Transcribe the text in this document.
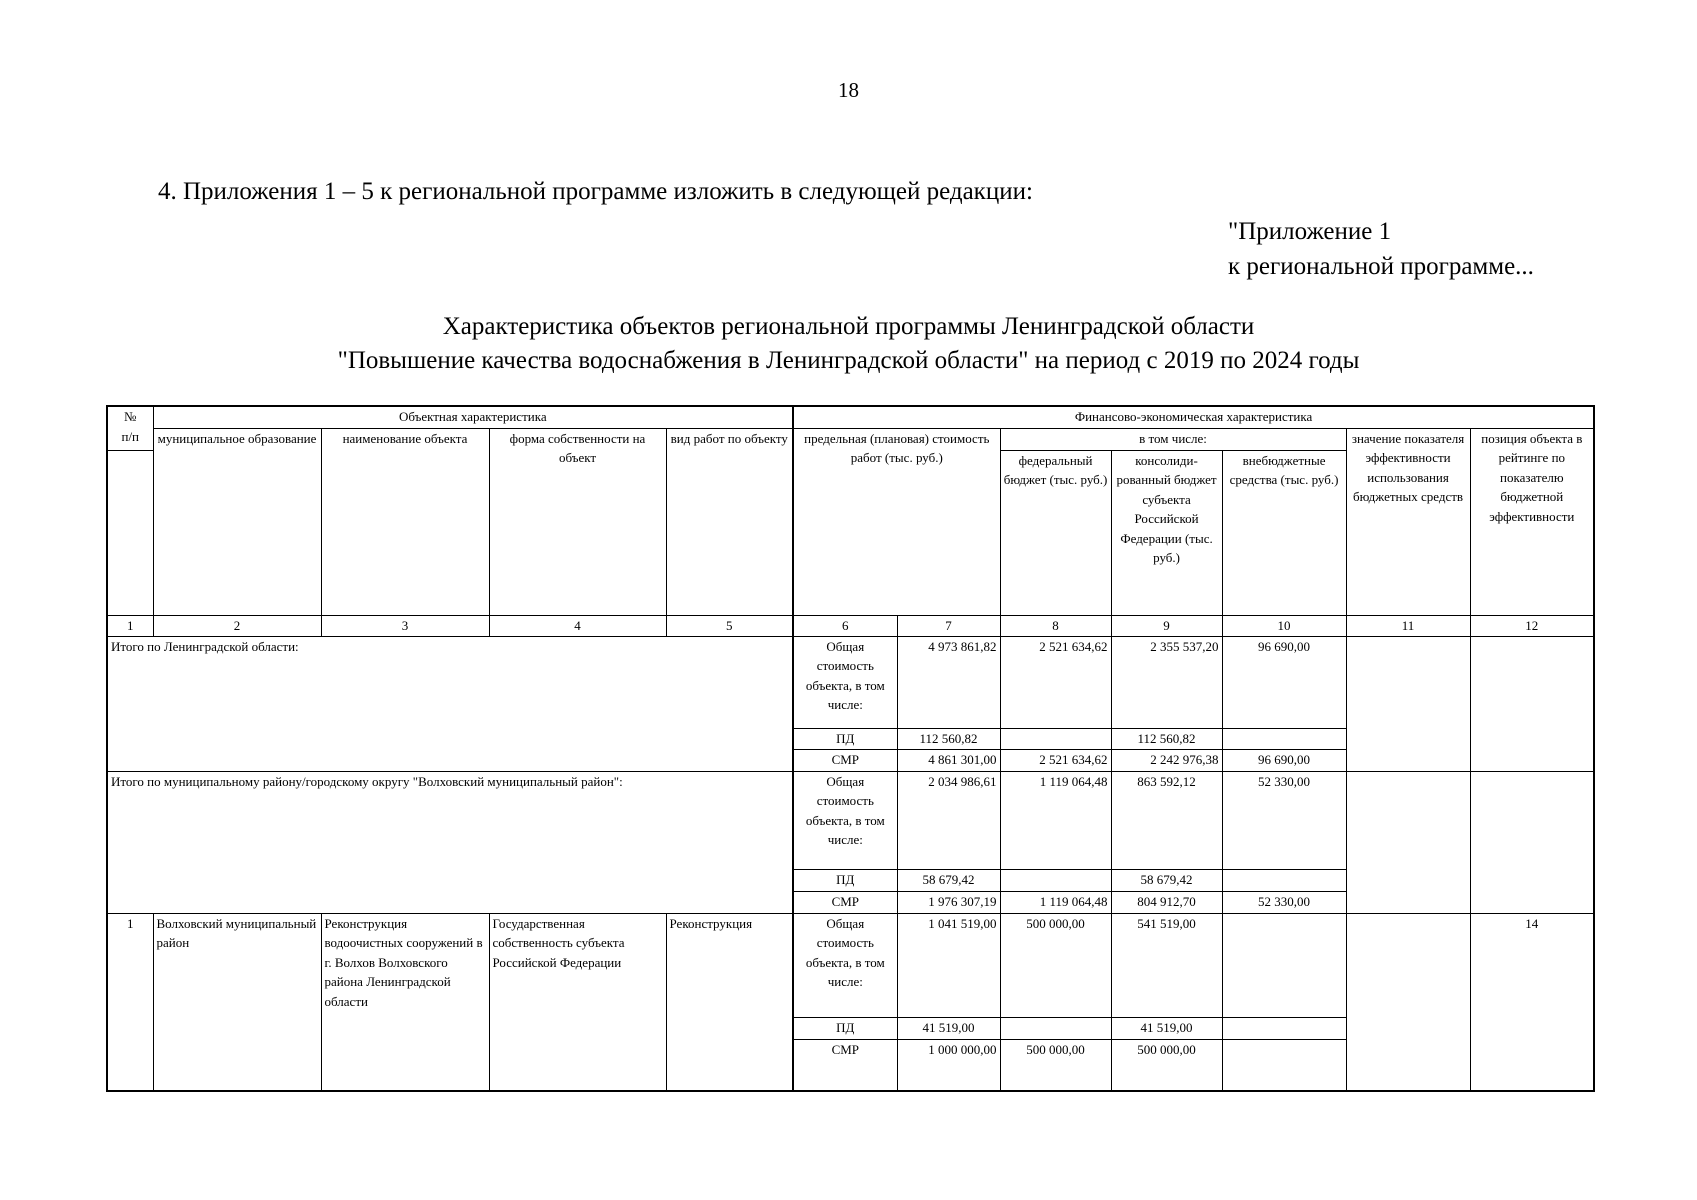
18
4. Приложения 1 – 5 к региональной программе изложить в следующей редакции:
"Приложение 1
к региональной программе...
Характеристика объектов региональной программы Ленинградской области
"Повышение качества водоснабжения в Ленинградской области" на период с 2019 по 2024 годы
№
п/п	Объектная характеристика				Финансово-экономическая характеристика						
	муниципальное образование	наименование объекта	форма собственности на объект	вид работ по объекту	предельная (плановая) стоимость работ (тыс. руб.)		в том числе:			значение показателя эффективности использования бюджетных средств	позиция объекта в рейтинге по показателю бюджетной эффективности
							федеральный бюджет (тыс. руб.)	консолиди-рованный бюджет субъекта Российской Федерации (тыс. руб.)	внебюджетные средства (тыс. руб.)		
1	2	3	4	5	6	7	8	9	10	11	12
Итого по Ленинградской области:					Общая стоимость объекта, в том числе:	4 973 861,82	2 521 634,62	2 355 537,20	96 690,00		
					ПД	112 560,82		112 560,82			
					СМР	4 861 301,00	2 521 634,62	2 242 976,38	96 690,00		
Итого по муниципальному району/городскому округу "Волховский муниципальный район":					Общая стоимость объекта, в том числе:	2 034 986,61	1 119 064,48	863 592,12	52 330,00		
					ПД	58 679,42		58 679,42			
					СМР	1 976 307,19	1 119 064,48	804 912,70	52 330,00		
1	Волховский муниципальный район	Реконструкция водоочистных сооружений в г. Волхов Волховского района Ленинградской области	Государственная собственность субъекта Российской Федерации	Реконструкция	Общая стоимость объекта, в том числе:	1 041 519,00	500 000,00	541 519,00			14
					ПД	41 519,00		41 519,00			
					СМР	1 000 000,00	500 000,00	500 000,00			
